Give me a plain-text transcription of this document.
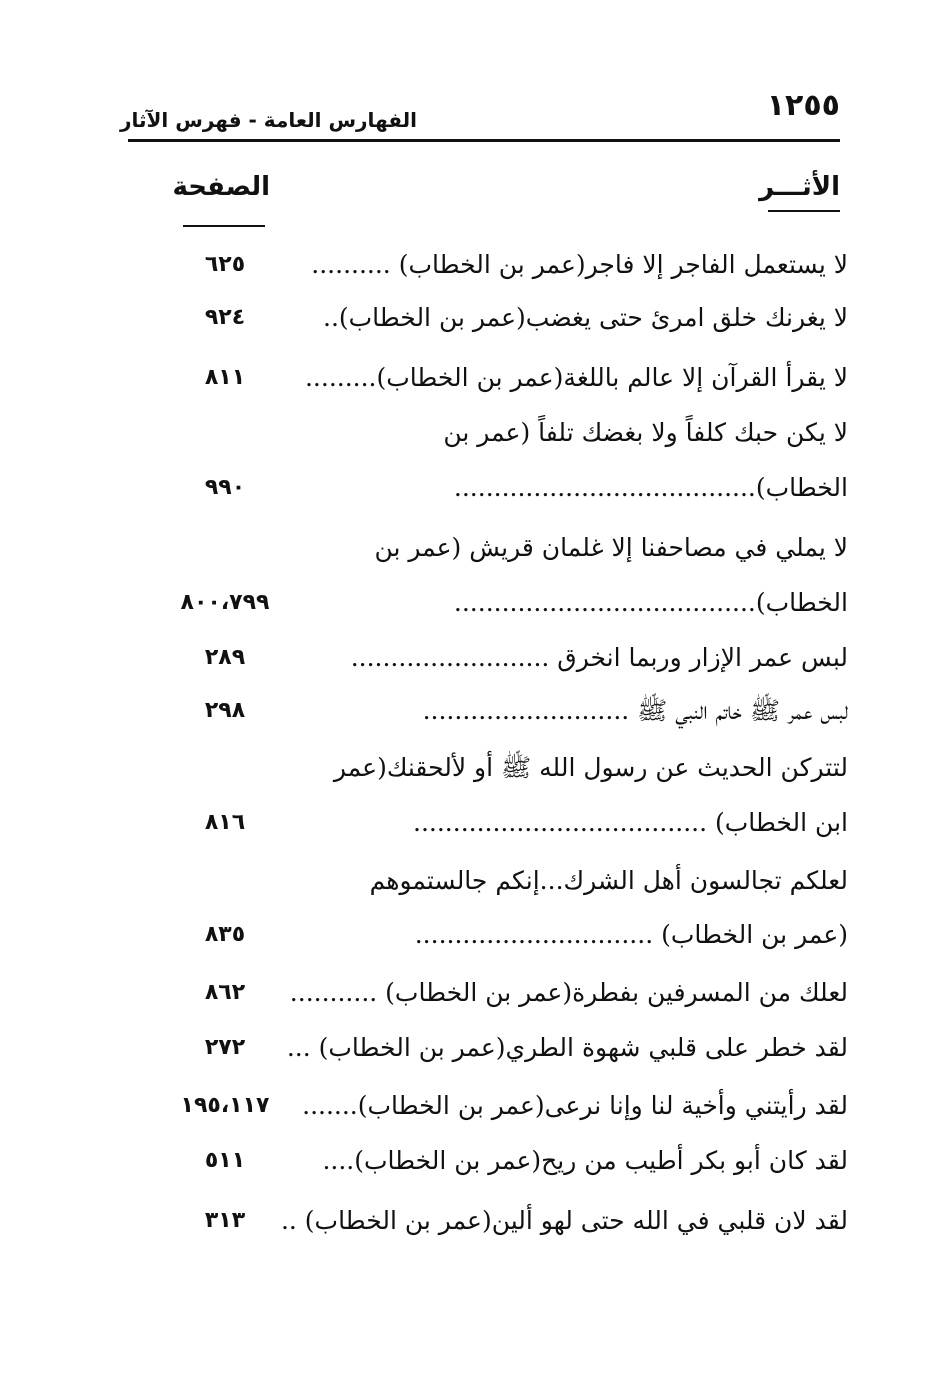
١٢٥٥
الفهارس العامة - فهرس الآثار
الأثـــر
الصفحة
لا يستعمل الفاجر إلا فاجر(عمر بن الخطاب) ..........
٦٢٥
لا يغرنك خلق امرئ حتى يغضب(عمر بن الخطاب)..
٩٢٤
لا يقرأ القرآن إلا عالم باللغة(عمر بن الخطاب).........
٨١١
لا يكن حبك كلفاً ولا بغضك تلفاً (عمر بن
الخطاب)......................................
٩٩٠
لا يملي في مصاحفنا إلا غلمان قريش (عمر بن
الخطاب)......................................
٨٠٠،٧٩٩
لبس عمر الإزار وربما انخرق .........................
٢٨٩
لبس عمر ﷺ خاتم النبي ﷺ ..........................
٢٩٨
لتتركن الحديث عن رسول الله ﷺ أو لألحقنك(عمر
ابن الخطاب) .....................................
٨١٦
لعلكم تجالسون أهل الشرك...إنكم جالستموهم
(عمر بن الخطاب) ..............................
٨٣٥
لعلك من المسرفين بفطرة(عمر بن الخطاب) ...........
٨٦٢
لقد خطر على قلبي شهوة الطري(عمر بن الخطاب) ...
٢٧٢
لقد رأيتني وأخية لنا وإنا نرعى(عمر بن الخطاب).......
١٩٥،١١٧
لقد كان أبو بكر أطيب من ريح(عمر بن الخطاب)....
٥١١
لقد لان قلبي في الله حتى لهو ألين(عمر بن الخطاب) ..
٣١٣
